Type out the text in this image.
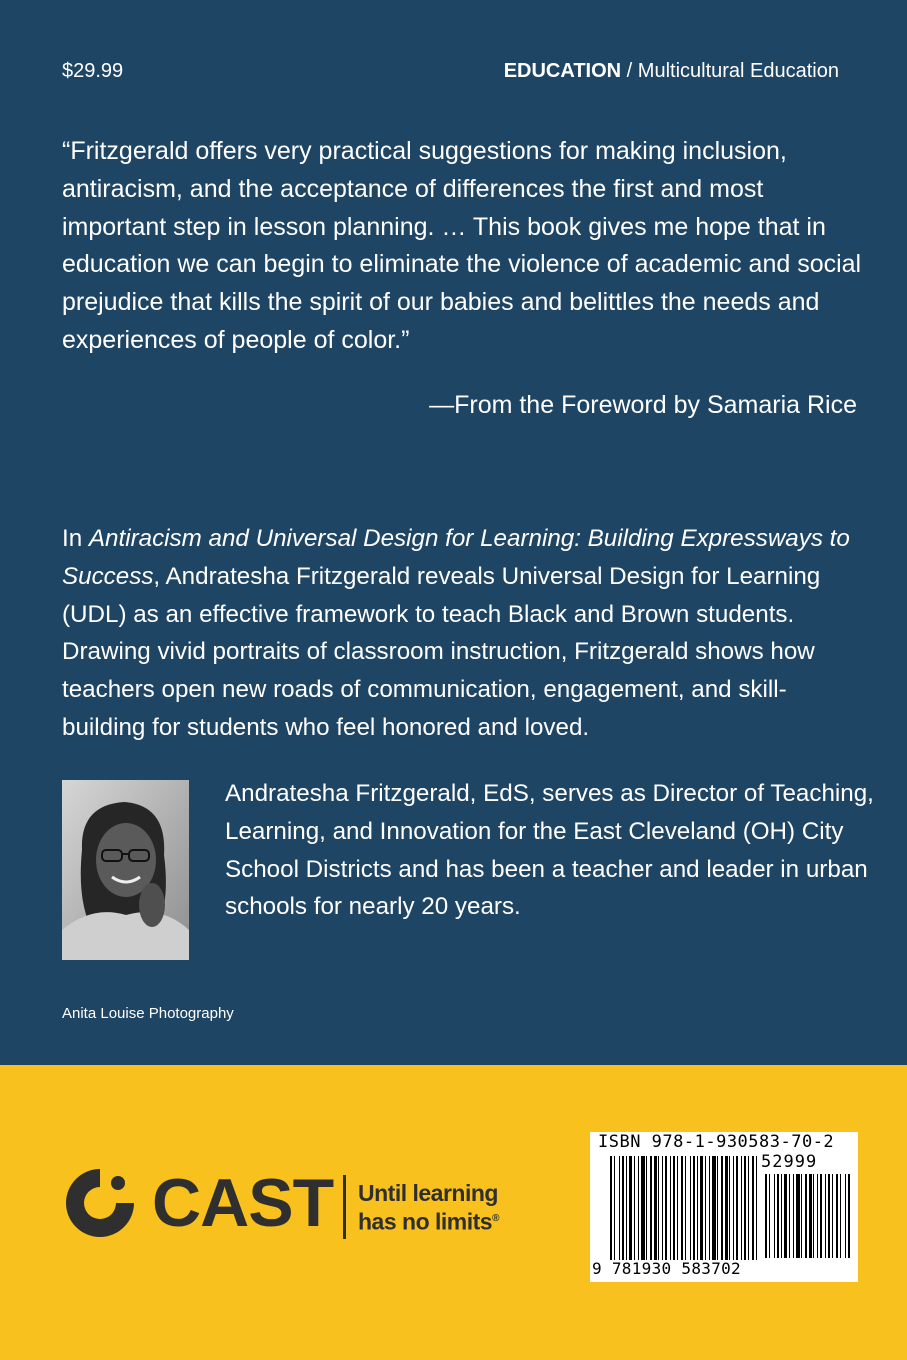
$29.99	EDUCATION / Multicultural Education

“Fritzgerald offers very practical suggestions for making inclusion, antiracism, and the acceptance of differences the first and most important step in lesson planning. … This book gives me hope that in education we can begin to eliminate the violence of academic and social prejudice that kills the spirit of our babies and belittles the needs and experiences of people of color.”

—From the Foreword by Samaria Rice

In Antiracism and Universal Design for Learning: Building Expressways to Success, Andratesha Fritzgerald reveals Universal Design for Learning (UDL) as an effective framework to teach Black and Brown students. Drawing vivid portraits of classroom instruction, Fritzgerald shows how teachers open new roads of communication, engagement, and skill-building for students who feel honored and loved.

Andratesha Fritzgerald, EdS, serves as Director of Teaching, Learning, and Innovation for the East Cleveland (OH) City School Districts and has been a teacher and leader in urban schools for nearly 20 years.

Anita Louise Photography
CAST Until learning
has no limits®
ISBN 978-1-930583-70-2
52999
9 781930 583702
